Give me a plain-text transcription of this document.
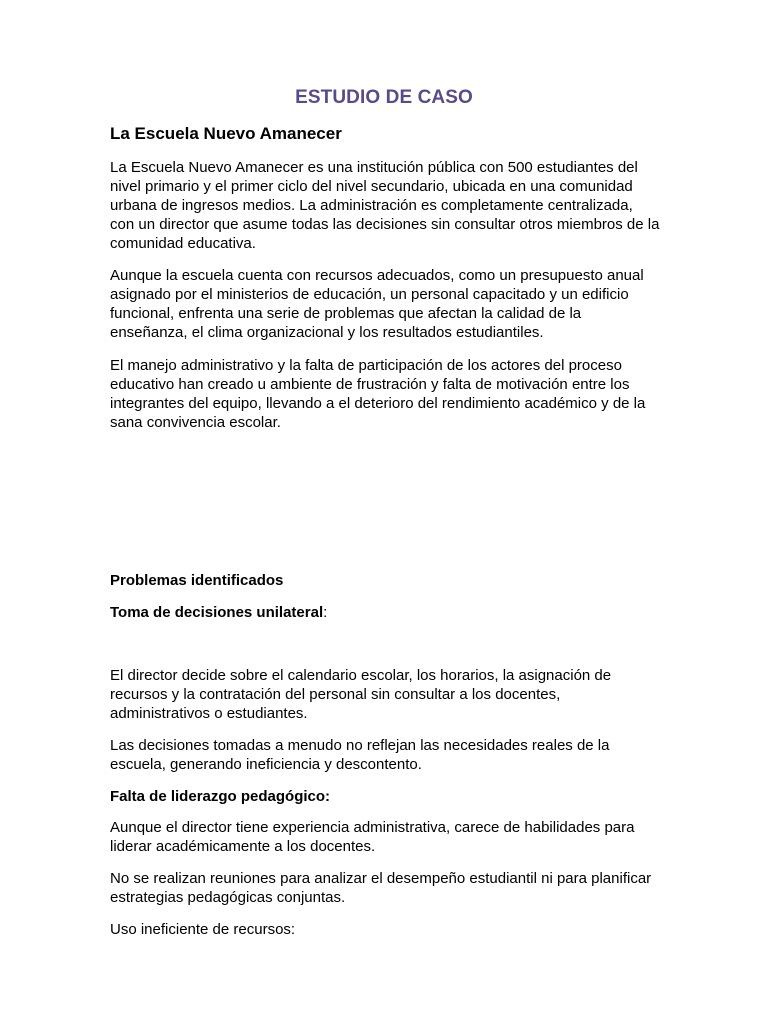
ESTUDIO DE CASO
La Escuela Nuevo Amanecer

La Escuela Nuevo Amanecer es una institución pública con 500 estudiantes del nivel primario y el primer ciclo del nivel secundario, ubicada en una comunidad urbana de ingresos medios. La administración es completamente centralizada, con un director que asume todas las decisiones sin consultar otros miembros de la comunidad educativa.

Aunque la escuela cuenta con recursos adecuados, como un presupuesto anual asignado por el ministerios de educación, un personal capacitado y un edificio funcional, enfrenta una serie de problemas que afectan la calidad de la enseñanza, el clima organizacional y los resultados estudiantiles.

El manejo administrativo y la falta de participación de los actores del proceso educativo han creado u ambiente de frustración y falta de motivación entre los integrantes del equipo, llevando a el deterioro del rendimiento académico y de la sana convivencia escolar.

Problemas identificados
Toma de decisiones unilateral:

El director decide sobre el calendario escolar, los horarios, la asignación de recursos y la contratación del personal sin consultar a los docentes, administrativos o estudiantes.

Las decisiones tomadas a menudo no reflejan las necesidades reales de la escuela, generando ineficiencia y descontento.

Falta de liderazgo pedagógico:

Aunque el director tiene experiencia administrativa, carece de habilidades para liderar académicamente a los docentes.

No se realizan reuniones para analizar el desempeño estudiantil ni para planificar estrategias pedagógicas conjuntas.

Uso ineficiente de recursos:
